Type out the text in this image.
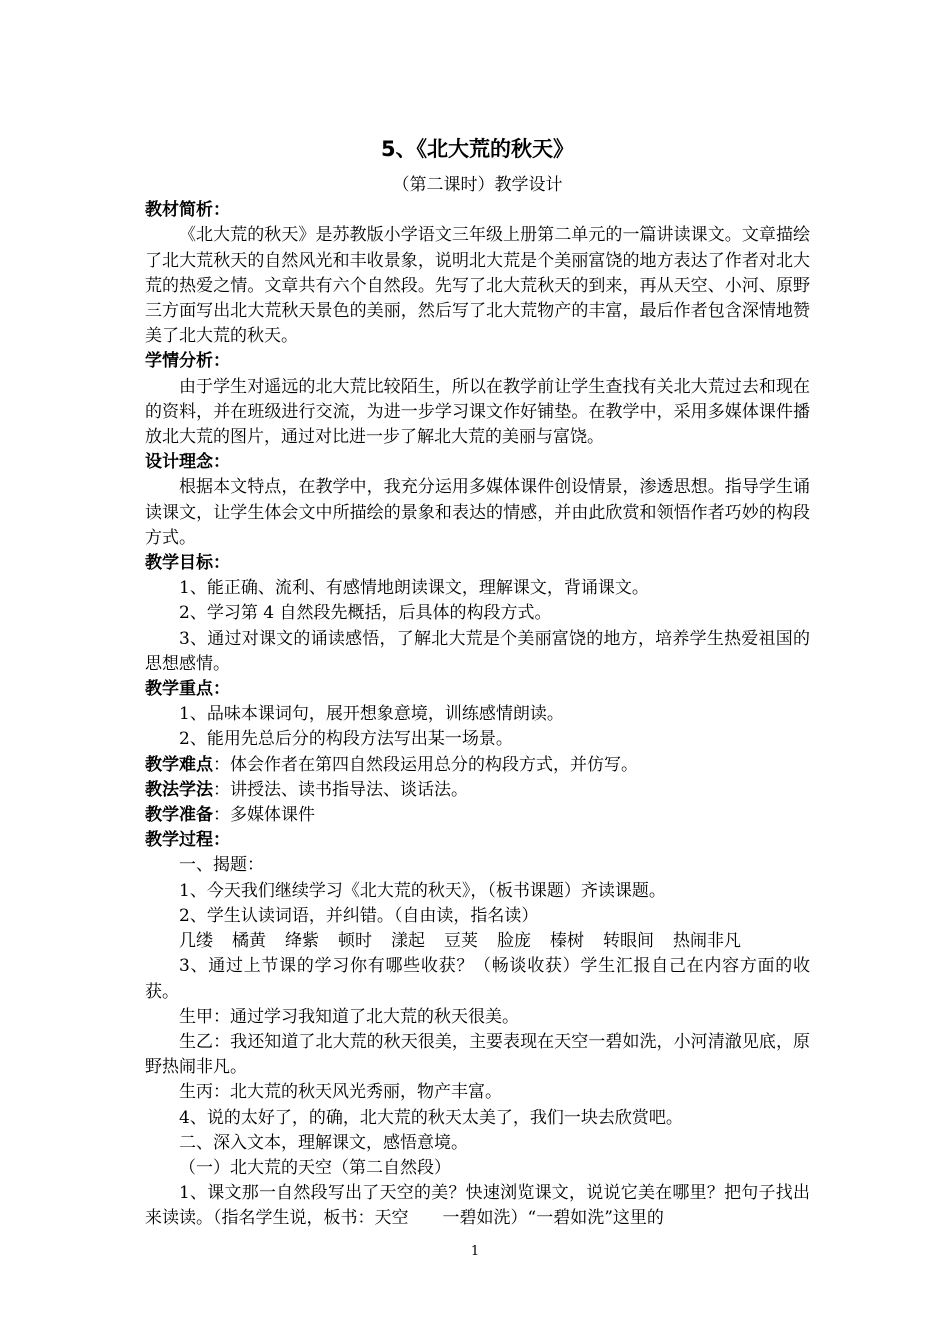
5、《北大荒的秋天》
（第二课时）教学设计
教材简析：

《北大荒的秋天》是苏教版小学语文三年级上册第二单元的一篇讲读课文。文章描绘了北大荒秋天的自然风光和丰收景象，说明北大荒是个美丽富饶的地方表达了作者对北大荒的热爱之情。文章共有六个自然段。先写了北大荒秋天的到来，再从天空、小河、原野三方面写出北大荒秋天景色的美丽，然后写了北大荒物产的丰富，最后作者包含深情地赞美了北大荒的秋天。

学情分析：

由于学生对遥远的北大荒比较陌生，所以在教学前让学生查找有关北大荒过去和现在的资料，并在班级进行交流，为进一步学习课文作好铺垫。在教学中，采用多媒体课件播放北大荒的图片，通过对比进一步了解北大荒的美丽与富饶。

设计理念：

根据本文特点，在教学中，我充分运用多媒体课件创设情景，渗透思想。指导学生诵读课文，让学生体会文中所描绘的景象和表达的情感，并由此欣赏和领悟作者巧妙的构段方式。

教学目标：

1、能正确、流利、有感情地朗读课文，理解课文，背诵课文。

2、学习第 4 自然段先概括，后具体的构段方式。

3、通过对课文的诵读感悟，了解北大荒是个美丽富饶的地方，培养学生热爱祖国的思想感情。

教学重点：

1、品味本课词句，展开想象意境，训练感情朗读。

2、能用先总后分的构段方法写出某一场景。

教学难点：体会作者在第四自然段运用总分的构段方式，并仿写。
教法学法：讲授法、读书指导法、谈话法。
教学准备：多媒体课件
教学过程：

一、揭题：

1、今天我们继续学习《北大荒的秋天》，（板书课题）齐读课题。

2、学生认读词语，并纠错。（自由读，指名读）

几缕 橘黄 绛紫 顿时 漾起 豆荚 脸庞 榛树 转眼间 热闹非凡

3、通过上节课的学习你有哪些收获？（畅谈收获）学生汇报自己在内容方面的收获。

生甲：通过学习我知道了北大荒的秋天很美。

生乙：我还知道了北大荒的秋天很美，主要表现在天空一碧如洗，小河清澈见底，原野热闹非凡。

生丙：北大荒的秋天风光秀丽，物产丰富。

4、说的太好了，的确，北大荒的秋天太美了，我们一块去欣赏吧。

二、深入文本，理解课文，感悟意境。

（一）北大荒的天空（第二自然段）

1、课文那一自然段写出了天空的美？快速浏览课文，说说它美在哪里？把句子找出来读读。（指名学生说，板书：天空　　一碧如洗）“一碧如洗”这里的

1
